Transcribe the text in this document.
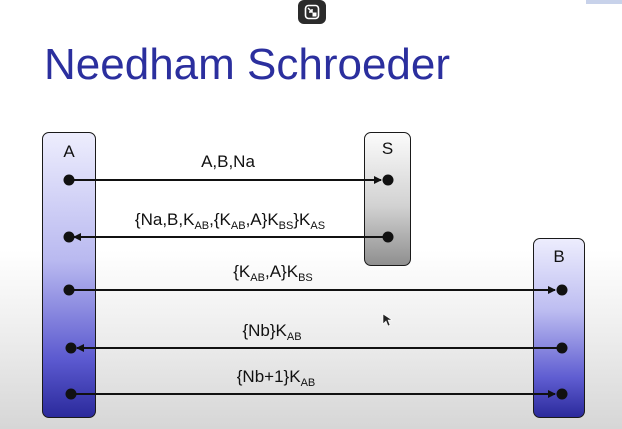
Needham Schroeder
A	S
B
A,B,Na
$\{Na,B,K_{AB},\{K_{AB},A\}K_{BS}\}K_{AS}$
$\{K_{AB},A\}K_{BS}$
$\{Nb\}K_{AB}$
$\{Nb+1\}K_{AB}$
